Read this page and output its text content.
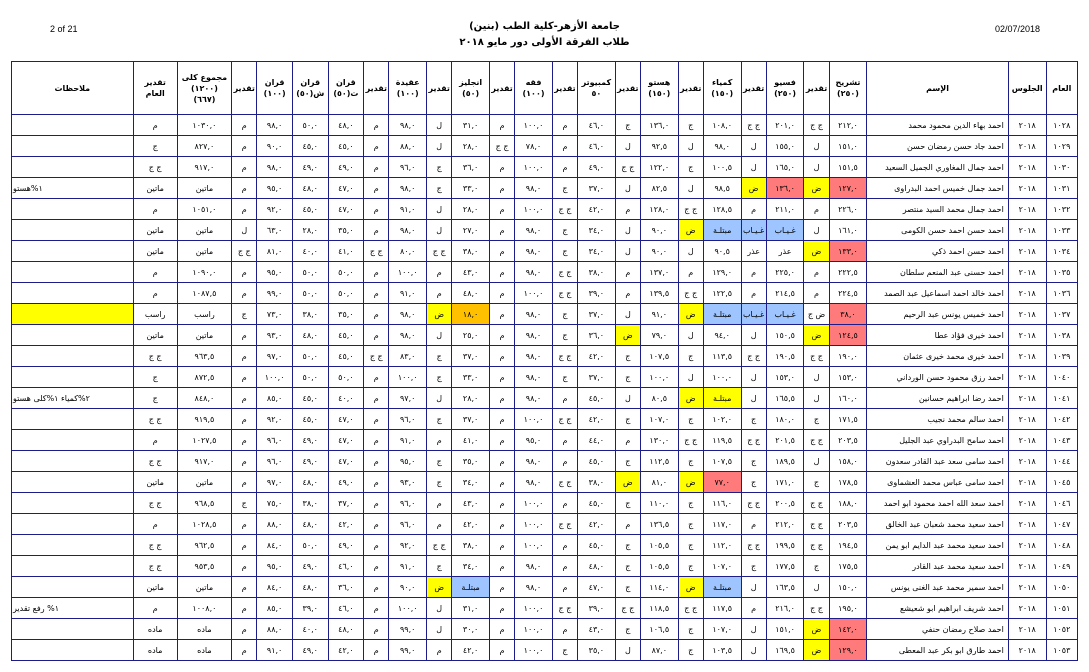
2 of 21	02/07/2018
جامعة الأزهر-كلية الطب (بنين)
طلاب الفرقة الأولى دور مايو ٢٠١٨
العام	الجلوس	الإسم	تشريح (٢٥٠)	تقدير	فسيو (٢٥٠)	تقدير	كمياء (١٥٠)	تقدير	هستو (١٥٠)	تقدير	كمبيوتر ٥٠	تقدير	فقه (١٠٠)	تقدير	انجليز (٥٠)	تقدير	عقيدة (١٠٠)	تقدير	قران ت(٥٠)	قران ش(٥٠)	قران (١٠٠)	تقدير	مجموع كلى (١٢٠٠) (٦٦٧)	تقدير العام	ملاحظات
١٠٢٨	٢٠١٨	احمد بهاء الدين محمود محمد	٢١٢,٠	ج ج	٢٠١,٠	ج ج	١٠٨,٠	ج	١٣٦,٠	ج	٤٦,٠	م	١٠٠,٠	م	٣١,٠	ل	٩٨,٠	م	٤٨,٠	٥٠,٠	٩٨,٠	م	١٠٣٠,٠	م	
١٠٢٩	٢٠١٨	احمد جاد حسن رمضان حسن	١٥١,٠	ل	١٥٥,٠	ل	٩٨,٠	ل	٩٢,٥	ل	٤٦,٠	م	٧٨,٠	ج ج	٢٨,٠	ل	٨٨,٠	م	٤٥,٠	٤٥,٠	٩٠,٠	م	٨٢٧,٠	ج	
١٠٣٠	٢٠١٨	احمد جمال المغاوري الجميل السعيد	١٥١,٥	ل	١٦٥,٠	ل	١٠٠,٥	ج	١٢٢,٠	ج ج	٤٩,٠	م	١٠٠,٠	م	٣٦,٠	ج	٩٦,٠	م	٤٩,٠	٤٩,٠	٩٨,٠	م	٩١٧,٠	ج ج	
١٠٣١	٢٠١٨	احمد جمال خميس احمد البدراوى	١٢٧,٠	ض	١٣٦,٠	ض	٩٨,٥	ل	٨٢,٥	ل	٣٧,٠	ج	٩٨,٠	م	٣٣,٠	ج	٩٨,٠	م	٤٧,٠	٤٨,٠	٩٥,٠	م	ماتين	ماتين	١%هستو
١٠٣٢	٢٠١٨	احمد جمال محمد السيد منتصر	٢٢٦,٠	م	٢١١,٠	م	١٢٨,٥	ج ج	١٢٨,٠	م	٤٢,٠	ج ج	١٠٠,٠	م	٢٨,٠	ل	٩١,٠	م	٤٧,٠	٤٥,٠	٩٢,٠	م	١٠٥١,٠	م	
١٠٣٣	٢٠١٨	احمد حسن احمد حسن الكومى	١٦١,٠	ل	غـيـاب	غـيـاب	مبتلـة	ض	٩٠,٠	ل	٣٤,٠	ج	٩٨,٠	م	٢٧,٠	ل	٩٨,٠	م	٣٥,٠	٢٨,٠	٦٣,٠	ل	ماتين	ماتين	
١٠٣٤	٢٠١٨	احمد حسن احمد ذكي	١٣٣,٠	ض	عذر	عذر	٩٠,٥	ل	٩٠,٠	ل	٣٤,٠	ج	٩٨,٠	م	٣٨,٠	ج ج	٨٠,٠	ج ج	٤١,٠	٤٠,٠	٨١,٠	ج ج	ماتين	ماتين	
١٠٣٥	٢٠١٨	احمد حسنى عبد المنعم سلطان	٢٢٢,٥	م	٢٢٥,٠	م	١٢٩,٠	م	١٣٧,٠	م	٣٨,٠	ج ج	٩٨,٠	م	٤٣,٠	م	١٠٠,٠	م	٥٠,٠	٥٠,٠	٩٥,٠	م	١٠٩٠,٠	م	
١٠٣٦	٢٠١٨	احمد خالد احمد اسماعيل عبد الصمد	٢٢٤,٥	م	٢١٤,٥	م	١٢٢,٥	ج ج	١٣٩,٥	م	٣٩,٠	ج ج	١٠٠,٠	م	٤٨,٠	م	٩١,٠	م	٥٠,٠	٥٠,٠	٩٩,٠	م	١٠٨٧,٥	م	
١٠٣٧	٢٠١٨	احمد خميس يونس عبد الرحيم	٣٨,٠	ض ج	غـيـاب	غـيـاب	مبتلـة	ض	٩١,٠	ل	٣٧,٠	ج	٩٨,٠	م	١٨,٠	ض	٩٨,٠	م	٣٥,٠	٣٨,٠	٧٣,٠	ج	راسب	راسب	
١٠٣٨	٢٠١٨	احمد خيرى فؤاد عطا	١٢٤,٥	ض	١٥٠,٥	ل	٩٤,٠	ل	٧٩,٠	ض	٣٦,٠	ج	٩٨,٠	م	٢٥,٠	ل	٩٨,٠	م	٤٥,٠	٤٨,٠	٩٣,٠	م	ماتين	ماتين	
١٠٣٩	٢٠١٨	احمد خيرى محمد خيرى عثمان	١٩٠,٠	ج ج	١٩٠,٥	ج ج	١١٣,٥	ج	١٠٧,٥	ج	٤٢,٠	ج ج	٩٨,٠	م	٣٧,٠	ج	٨٣,٠	ج ج	٤٥,٠	٥٠,٠	٩٧,٠	م	٩٦٣,٥	ج ج	
١٠٤٠	٢٠١٨	احمد رزق محمود حسن الورداني	١٥٣,٠	ل	١٥٣,٠	ل	١٠٠,٠	ل	١٠٠,٠	ج	٣٧,٠	ج	٩٨,٠	م	٣٣,٠	ج	١٠٠,٠	م	٥٠,٠	٥٠,٠	١٠٠,٠	م	٨٧٢,٥	ج	
١٠٤١	٢٠١٨	احمد رضا ابراهيم حسانين	١٦٠,٠	ل	١٦٥,٥	ل	مبتلـة	ض	٨٠,٥	ل	٤٥,٠	م	٩٨,٠	م	٢٨,٠	ل	٩٧,٠	م	٤٠,٠	٤٥,٠	٨٥,٠	م	٨٤٨,٠	ج	٢%كمياء ١%كلى هستو
١٠٤٢	٢٠١٨	احمد سالم محمد نجيب	١٧١,٥	ج	١٨٠,٠	ج	١٠٢,٠	ج	١٠٧,٠	ج	٤٢,٠	ج ج	١٠٠,٠	م	٣٧,٠	ج	٩٦,٠	م	٤٧,٠	٤٥,٠	٩٢,٠	م	٩١٩,٥	ج ج	
١٠٤٣	٢٠١٨	احمد سامح البدراوي عبد الجليل	٢٠٣,٥	ج ج	٢٠١,٥	ج ج	١١٩,٥	ج ج	١٣٠,٠	م	٤٤,٠	م	٩٥,٠	م	٤١,٠	م	٩١,٠	م	٤٧,٠	٤٩,٠	٩٦,٠	م	١٠٢٧,٥	م	
١٠٤٤	٢٠١٨	احمد سامى سعد عبد القادر سعدون	١٥٨,٠	ل	١٨٩,٥	ج	١٠٧,٥	ج	١١٢,٥	ج	٤٥,٠	م	٩٨,٠	م	٣٥,٠	ج	٩٥,٠	م	٤٧,٠	٤٩,٠	٩٦,٠	م	٩١٧,٠	ج ج	
١٠٤٥	٢٠١٨	احمد سامى عباس محمد العشماوى	١٧٨,٥	ج	١٧١,٠	ج	٧٧,٠	ض	٨١,٠	ض	٣٨,٠	ج ج	٩٨,٠	م	٣٤,٠	ج	٩٣,٠	م	٤٩,٠	٤٨,٠	٩٧,٠	م	ماتين	ماتين	
١٠٤٦	٢٠١٨	احمد سعد الله احمد محمود ابو احمد	١٨٨,٠	ج ج	٢٠٠,٥	ج ج	١١٦,٠	ج	١١٠,٠	ج	٤٥,٠	م	١٠٠,٠	م	٤٣,٠	م	٩٦,٠	م	٣٧,٠	٣٨,٠	٧٥,٠	ج	٩٦٨,٥	ج ج	
١٠٤٧	٢٠١٨	احمد سعيد محمد شعبان عبد الخالق	٢٠٣,٥	ج ج	٢١٢,٠	م	١١٧,٠	ج	١٣٦,٥	م	٤٢,٠	ج ج	١٠٠,٠	م	٤٢,٠	م	٩٦,٠	م	٤٢,٠	٤٨,٠	٨٨,٠	م	١٠٢٨,٥	م	
١٠٤٨	٢٠١٨	احمد سعيد محمد عبد الدايم ابو يمن	١٩٤,٥	ج ج	١٩٩,٥	ج ج	١١٢,٠	ج	١٠٥,٥	ج	٤٥,٠	م	١٠٠,٠	م	٣٨,٠	ج ج	٩٢,٠	م	٤٩,٠	٥٠,٠	٨٤,٠	م	٩٦٢,٥	ج ج	
١٠٤٩	٢٠١٨	احمد سعيد محمد عبد القادر	١٧٥,٥	ج	١٧٧,٥	ج	١٠٧,٠	ج	١٠٥,٥	ج	٤٨,٠	م	٩٨,٠	م	٣٤,٠	ج	٩١,٠	م	٤٦,٠	٤٩,٠	٩٥,٠	م	٩٥٣,٥	ج ج	
١٠٥٠	٢٠١٨	احمد سمير محمد عبد الغنى يونس	١٥٠,٠	ل	١٦٣,٥	ل	مبتلـة	ض	١١٤,٠	ج	٤٧,٠	م	٩٨,٠	م	مبتلـة	ض	٩٠,٠	م	٣٦,٠	٤٨,٠	٨٤,٠	م	ماتين	ماتين	
١٠٥١	٢٠١٨	احمد شريف ابراهيم ابو شعيشع	١٩٥,٠	ج ج	٢١٦,٠	م	١١٧,٥	ج ج	١١٨,٥	ج ج	٣٩,٠	ج ج	١٠٠,٠	م	٣١,٠	ل	١٠٠,٠	م	٤٦,٠	٣٩,٠	٨٥,٠	م	١٠٠٨,٠	م	١% رفع تقدير
١٠٥٢	٢٠١٨	احمد صلاح رمضان حنفي	١٤٢,٠	ض	١٥١,٠	ل	١٠٧,٠	ج	١٠٦,٥	ج	٤٣,٠	م	١٠٠,٠	م	٣٠,٠	ل	٩٩,٠	م	٤٨,٠	٤٠,٠	٨٨,٠	م	ماده	ماده	
١٠٥٣	٢٠١٨	احمد طارق ابو بكر عبد المعطى	١٢٩,٠	ض	١٦٩,٥	ل	١٠٣,٥	ج	٨٧,٠	ل	٣٥,٠	ج	١٠٠,٠	م	٤٢,٠	م	٩٩,٠	م	٤٢,٠	٤٩,٠	٩١,٠	م	ماده	ماده	
